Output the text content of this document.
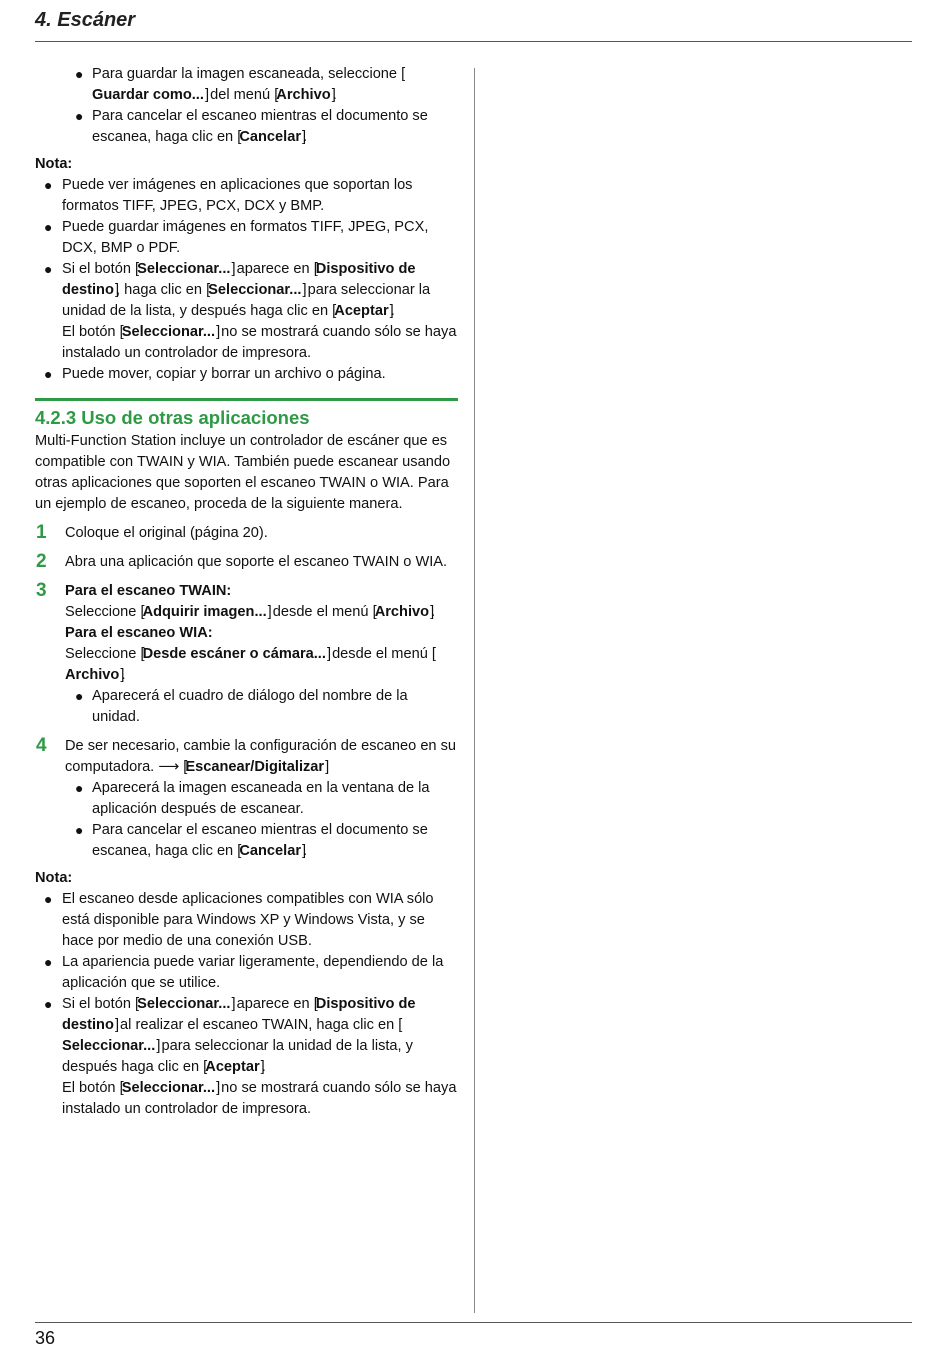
4. Escáner

● Para guardar la imagen escaneada, seleccione [ Guardar como... ] del menú [ Archivo ] .

● Para cancelar el escaneo mientras el documento se escanea, haga clic en [ Cancelar ] .

Nota:

● Puede ver imágenes en aplicaciones que soportan los formatos TIFF, JPEG, PCX, DCX y BMP.

● Puede guardar imágenes en formatos TIFF, JPEG, PCX, DCX, BMP o PDF.

● Si el botón [ Seleccionar... ] aparece en [ Dispositivo de destino ] , haga clic en [ Seleccionar... ] para seleccionar la unidad de la lista, y después haga clic en [ Aceptar ] .
El botón [ Seleccionar... ] no se mostrará cuando sólo se haya instalado un controlador de impresora.

● Puede mover, copiar y borrar un archivo o página.

4.2.3 Uso de otras aplicaciones

Multi-Function Station incluye un controlador de escáner que es compatible con TWAIN y WIA. También puede escanear usando otras aplicaciones que soporten el escaneo TWAIN o WIA. Para un ejemplo de escaneo, proceda de la siguiente manera.

1 Coloque el original (página 20).

2 Abra una aplicación que soporte el escaneo TWAIN o WIA.

3 Para el escaneo TWAIN:

Seleccione [ Adquirir imagen... ] desde el menú [ Archivo ] .

Para el escaneo WIA:

Seleccione [ Desde escáner o cámara... ] desde el menú [ Archivo ] .

● Aparecerá el cuadro de diálogo del nombre de la unidad.

4 De ser necesario, cambie la configuración de escaneo en su computadora. ⟶ [ Escanear/Digitalizar ]

● Aparecerá la imagen escaneada en la ventana de la aplicación después de escanear.

● Para cancelar el escaneo mientras el documento se escanea, haga clic en [ Cancelar ] .

Nota:

● El escaneo desde aplicaciones compatibles con WIA sólo está disponible para Windows XP y Windows Vista, y se hace por medio de una conexión USB.

● La apariencia puede variar ligeramente, dependiendo de la aplicación que se utilice.

● Si el botón [ Seleccionar... ] aparece en [ Dispositivo de destino ] al realizar el escaneo TWAIN, haga clic en [ Seleccionar... ] para seleccionar la unidad de la lista, y después haga clic en [ Aceptar ] .
El botón [ Seleccionar... ] no se mostrará cuando sólo se haya instalado un controlador de impresora.

36
